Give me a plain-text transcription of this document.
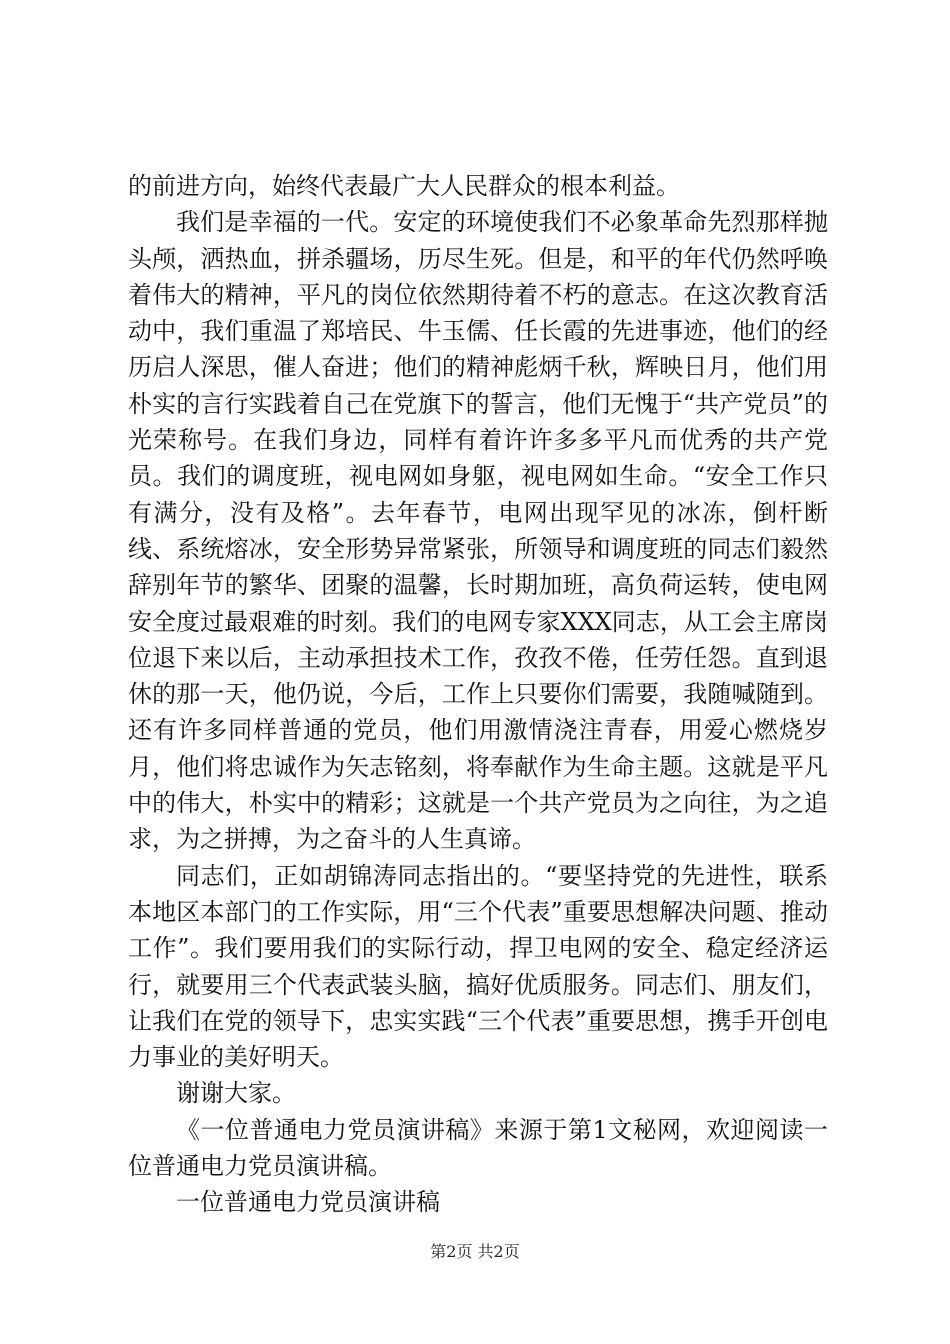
的前进方向，始终代表最广大人民群众的根本利益。

我们是幸福的一代。安定的环境使我们不必象革命先烈那样抛头颅，洒热血，拼杀疆场，历尽生死。但是，和平的年代仍然呼唤着伟大的精神，平凡的岗位依然期待着不朽的意志。在这次教育活动中，我们重温了郑培民、牛玉儒、任长霞的先进事迹，他们的经历启人深思，催人奋进；他们的精神彪炳千秋，辉映日月，他们用朴实的言行实践着自己在党旗下的誓言，他们无愧于“共产党员”的光荣称号。在我们身边，同样有着许许多多平凡而优秀的共产党员。我们的调度班，视电网如身躯，视电网如生命。“安全工作只有满分，没有及格”。去年春节，电网出现罕见的冰冻，倒杆断线、系统熔冰，安全形势异常紧张，所领导和调度班的同志们毅然辞别年节的繁华、团聚的温馨，长时期加班，高负荷运转，使电网安全度过最艰难的时刻。我们的电网专家XXX同志，从工会主席岗位退下来以后，主动承担技术工作，孜孜不倦，任劳任怨。直到退休的那一天，他仍说，今后，工作上只要你们需要，我随喊随到。还有许多同样普通的党员，他们用激情浇注青春，用爱心燃烧岁月，他们将忠诚作为矢志铭刻，将奉献作为生命主题。这就是平凡中的伟大，朴实中的精彩；这就是一个共产党员为之向往，为之追求，为之拼搏，为之奋斗的人生真谛。

同志们，正如胡锦涛同志指出的。“要坚持党的先进性，联系本地区本部门的工作实际，用“三个代表”重要思想解决问题、推动工作”。我们要用我们的实际行动，捍卫电网的安全、稳定经济运行，就要用三个代表武装头脑，搞好优质服务。同志们、朋友们，让我们在党的领导下，忠实实践“三个代表”重要思想，携手开创电力事业的美好明天。

谢谢大家。

《一位普通电力党员演讲稿》来源于第1文秘网，欢迎阅读一位普通电力党员演讲稿。

一位普通电力党员演讲稿

第2页 共2页
